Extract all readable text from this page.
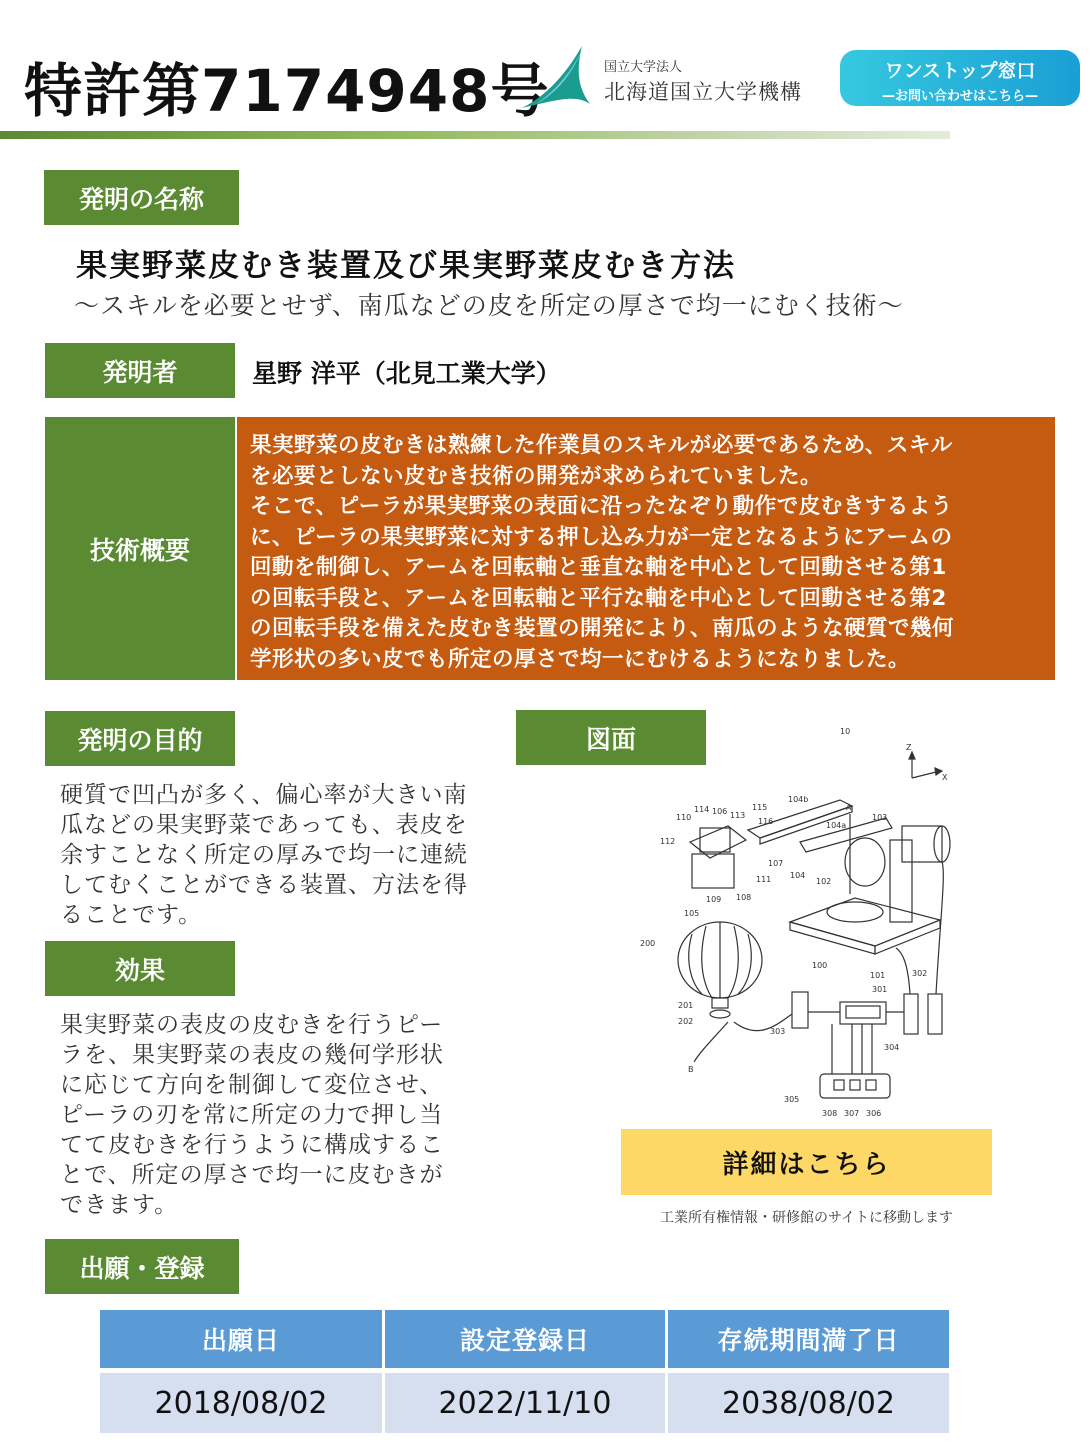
特許第7174948号	国立大学法人
北海道国立大学機構
ワンストップ窓口
—お問い合わせはこちら—
発明の名称
果実野菜皮むき装置及び果実野菜皮むき方法
～スキルを必要とせず、南瓜などの皮を所定の厚さで均一にむく技術～
発明者	星野 洋平（北見工業大学）
技術概要
果実野菜の皮むきは熟練した作業員のスキルが必要であるため、スキル
を必要としない皮むき技術の開発が求められていました。
そこで、ピーラが果実野菜の表面に沿ったなぞり動作で皮むきするよう
に、ピーラの果実野菜に対する押し込み力が一定となるようにアームの
回動を制御し、アームを回転軸と垂直な軸を中心として回動させる第1
の回転手段と、アームを回転軸と平行な軸を中心として回動させる第2
の回転手段を備えた皮むき装置の開発により、南瓜のような硬質で幾何
学形状の多い皮でも所定の厚さで均一にむけるようになりました。
発明の目的
硬質で凹凸が多く、偏心率が大きい南
瓜などの果実野菜であっても、表皮を
余すことなく所定の厚みで均一に連続
してむくことができる装置、方法を得
ることです。
効果
果実野菜の表皮の皮むきを行うピー
ラを、果実野菜の表皮の幾何学形状
に応じて方向を制御して変位させ、
ピーラの刃を常に所定の力で押し当
てて皮むきを行うように構成するこ
とで、所定の厚さで均一に皮むきが
できます。
図面	10
Z
X
104b
A
115
114 106 113
116
110
104a
103
112
107
111 104
102
109 108
105
200
100
101	302
301
201
202
303
304
B
305
308 307 306
詳細はこちら
工業所有権情報・研修館のサイトに移動します
出願・登録
出願日	設定登録日	存続期間満了日
2018/08/02	2022/11/10	2038/08/02
